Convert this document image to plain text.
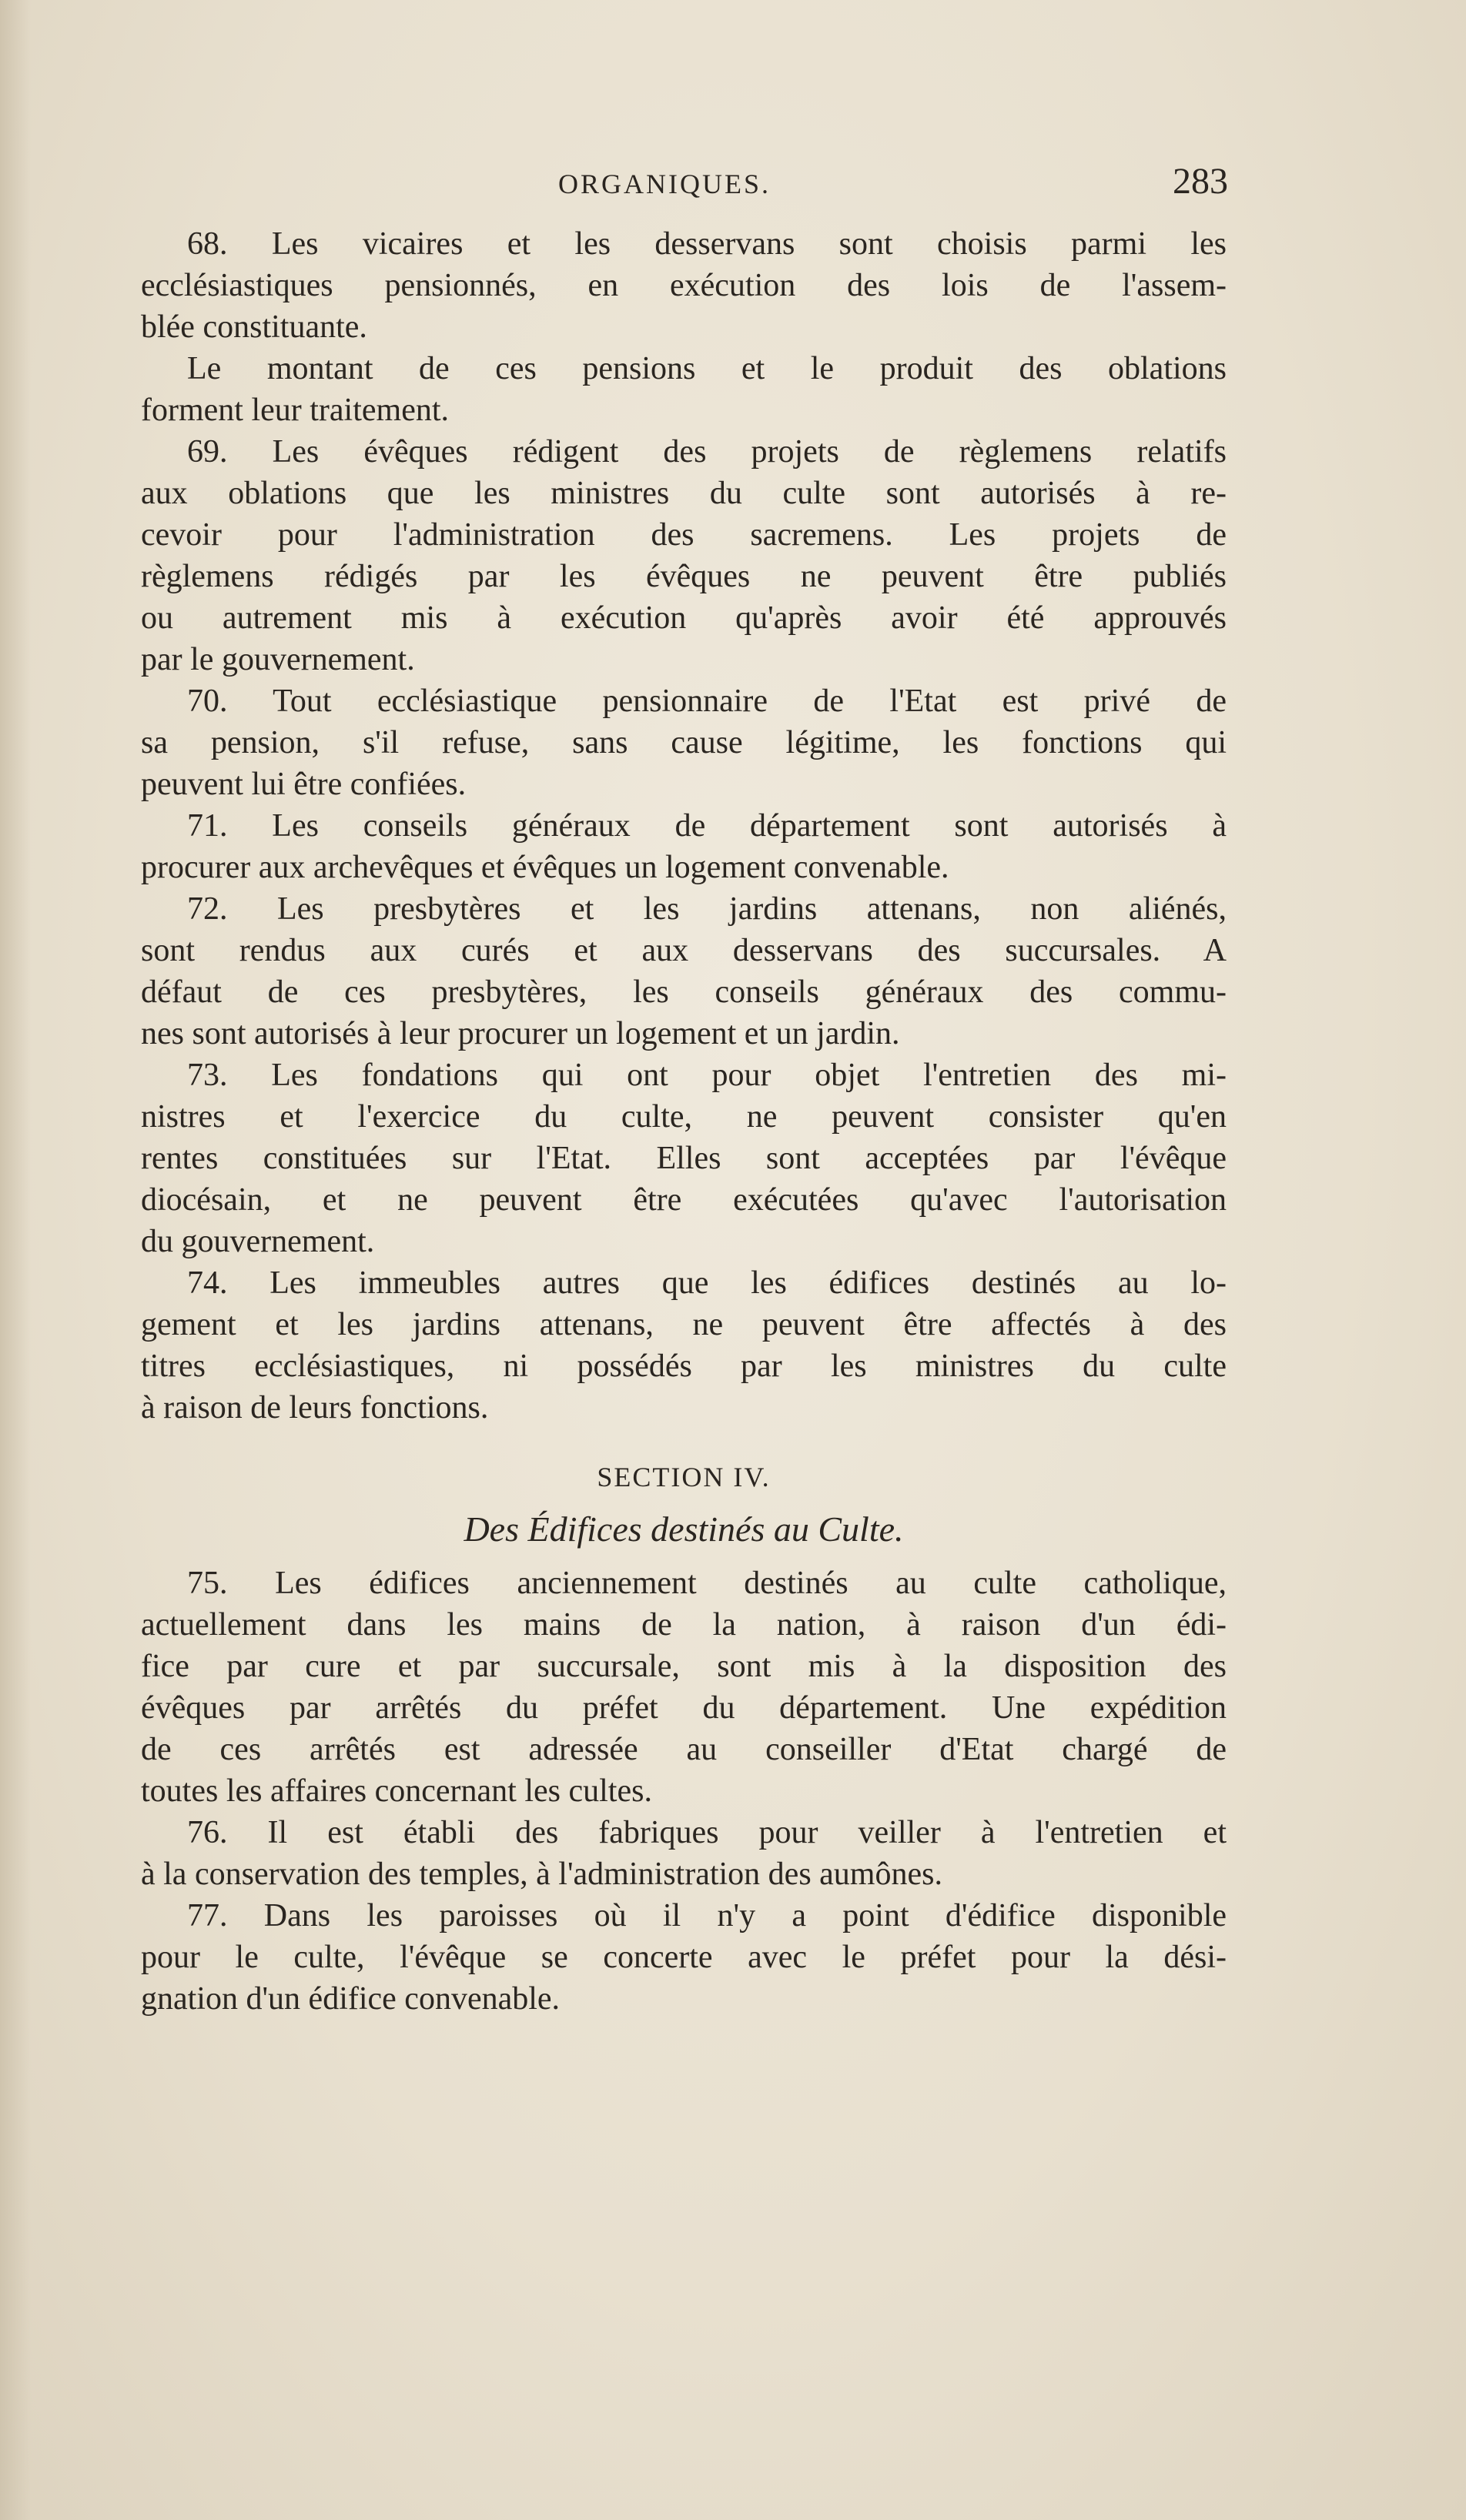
ORGANIQUES.	283
68. Les vicaires et les desservans sont choisis parmi les
ecclésiastiques pensionnés, en exécution des lois de l'assem-
blée constituante.
Le montant de ces pensions et le produit des oblations
forment leur traitement.
69. Les évêques rédigent des projets de règlemens relatifs
aux oblations que les ministres du culte sont autorisés à re-
cevoir pour l'administration des sacremens. Les projets de
règlemens rédigés par les évêques ne peuvent être publiés
ou autrement mis à exécution qu'après avoir été approuvés
par le gouvernement.
70. Tout ecclésiastique pensionnaire de l'Etat est privé de
sa pension, s'il refuse, sans cause légitime, les fonctions qui
peuvent lui être confiées.
71. Les conseils généraux de département sont autorisés à
procurer aux archevêques et évêques un logement convenable.
72. Les presbytères et les jardins attenans, non aliénés,
sont rendus aux curés et aux desservans des succursales. A
défaut de ces presbytères, les conseils généraux des commu-
nes sont autorisés à leur procurer un logement et un jardin.
73. Les fondations qui ont pour objet l'entretien des mi-
nistres et l'exercice du culte, ne peuvent consister qu'en
rentes constituées sur l'Etat. Elles sont acceptées par l'évêque
diocésain, et ne peuvent être exécutées qu'avec l'autorisation
du gouvernement.
74. Les immeubles autres que les édifices destinés au lo-
gement et les jardins attenans, ne peuvent être affectés à des
titres ecclésiastiques, ni possédés par les ministres du culte
à raison de leurs fonctions.
SECTION IV.
Des Édifices destinés au Culte.
75. Les édifices anciennement destinés au culte catholique,
actuellement dans les mains de la nation, à raison d'un édi-
fice par cure et par succursale, sont mis à la disposition des
évêques par arrêtés du préfet du département. Une expédition
de ces arrêtés est adressée au conseiller d'Etat chargé de
toutes les affaires concernant les cultes.
76. Il est établi des fabriques pour veiller à l'entretien et
à la conservation des temples, à l'administration des aumônes.
77. Dans les paroisses où il n'y a point d'édifice disponible
pour le culte, l'évêque se concerte avec le préfet pour la dési-
gnation d'un édifice convenable.
